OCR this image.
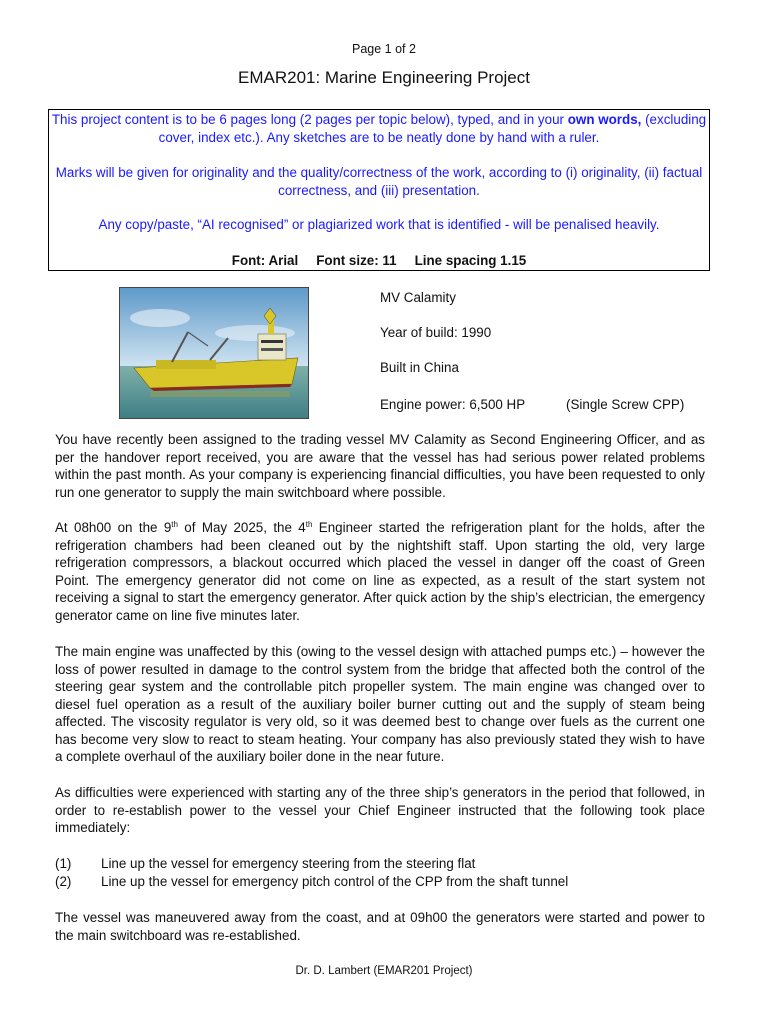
Page 1 of 2
EMAR201: Marine Engineering Project

This project content is to be 6 pages long (2 pages per topic below), typed, and in your own words, (excluding cover, index etc.). Any sketches are to be neatly done by hand with a ruler.

Marks will be given for originality and the quality/correctness of the work, according to (i) originality, (ii) factual correctness, and (iii) presentation.

Any copy/paste, “AI recognised” or plagiarized work that is identified - will be penalised heavily.

Font: Arial Font size: 11 Line spacing 1.15

MV Calamity
Year of build: 1990
Built in China
Engine power: 6,500 HP	(Single Screw CPP)

You have recently been assigned to the trading vessel MV Calamity as Second Engineering Officer, and as per the handover report received, you are aware that the vessel has had serious power related problems within the past month. As your company is experiencing financial difficulties, you have been requested to only run one generator to supply the main switchboard where possible.

At 08h00 on the 9th of May 2025, the 4th Engineer started the refrigeration plant for the holds, after the refrigeration chambers had been cleaned out by the nightshift staff. Upon starting the old, very large refrigeration compressors, a blackout occurred which placed the vessel in danger off the coast of Green Point. The emergency generator did not come on line as expected, as a result of the start system not receiving a signal to start the emergency generator. After quick action by the ship’s electrician, the emergency generator came on line five minutes later.

The main engine was unaffected by this (owing to the vessel design with attached pumps etc.) – however the loss of power resulted in damage to the control system from the bridge that affected both the control of the steering gear system and the controllable pitch propeller system. The main engine was changed over to diesel fuel operation as a result of the auxiliary boiler burner cutting out and the supply of steam being affected. The viscosity regulator is very old, so it was deemed best to change over fuels as the current one has become very slow to react to steam heating. Your company has also previously stated they wish to have a complete overhaul of the auxiliary boiler done in the near future.

As difficulties were experienced with starting any of the three ship’s generators in the period that followed, in order to re-establish power to the vessel your Chief Engineer instructed that the following took place immediately:

(1) Line up the vessel for emergency steering from the steering flat
(2) Line up the vessel for emergency pitch control of the CPP from the shaft tunnel

The vessel was maneuvered away from the coast, and at 09h00 the generators were started and power to the main switchboard was re-established.

Dr. D. Lambert (EMAR201 Project)
